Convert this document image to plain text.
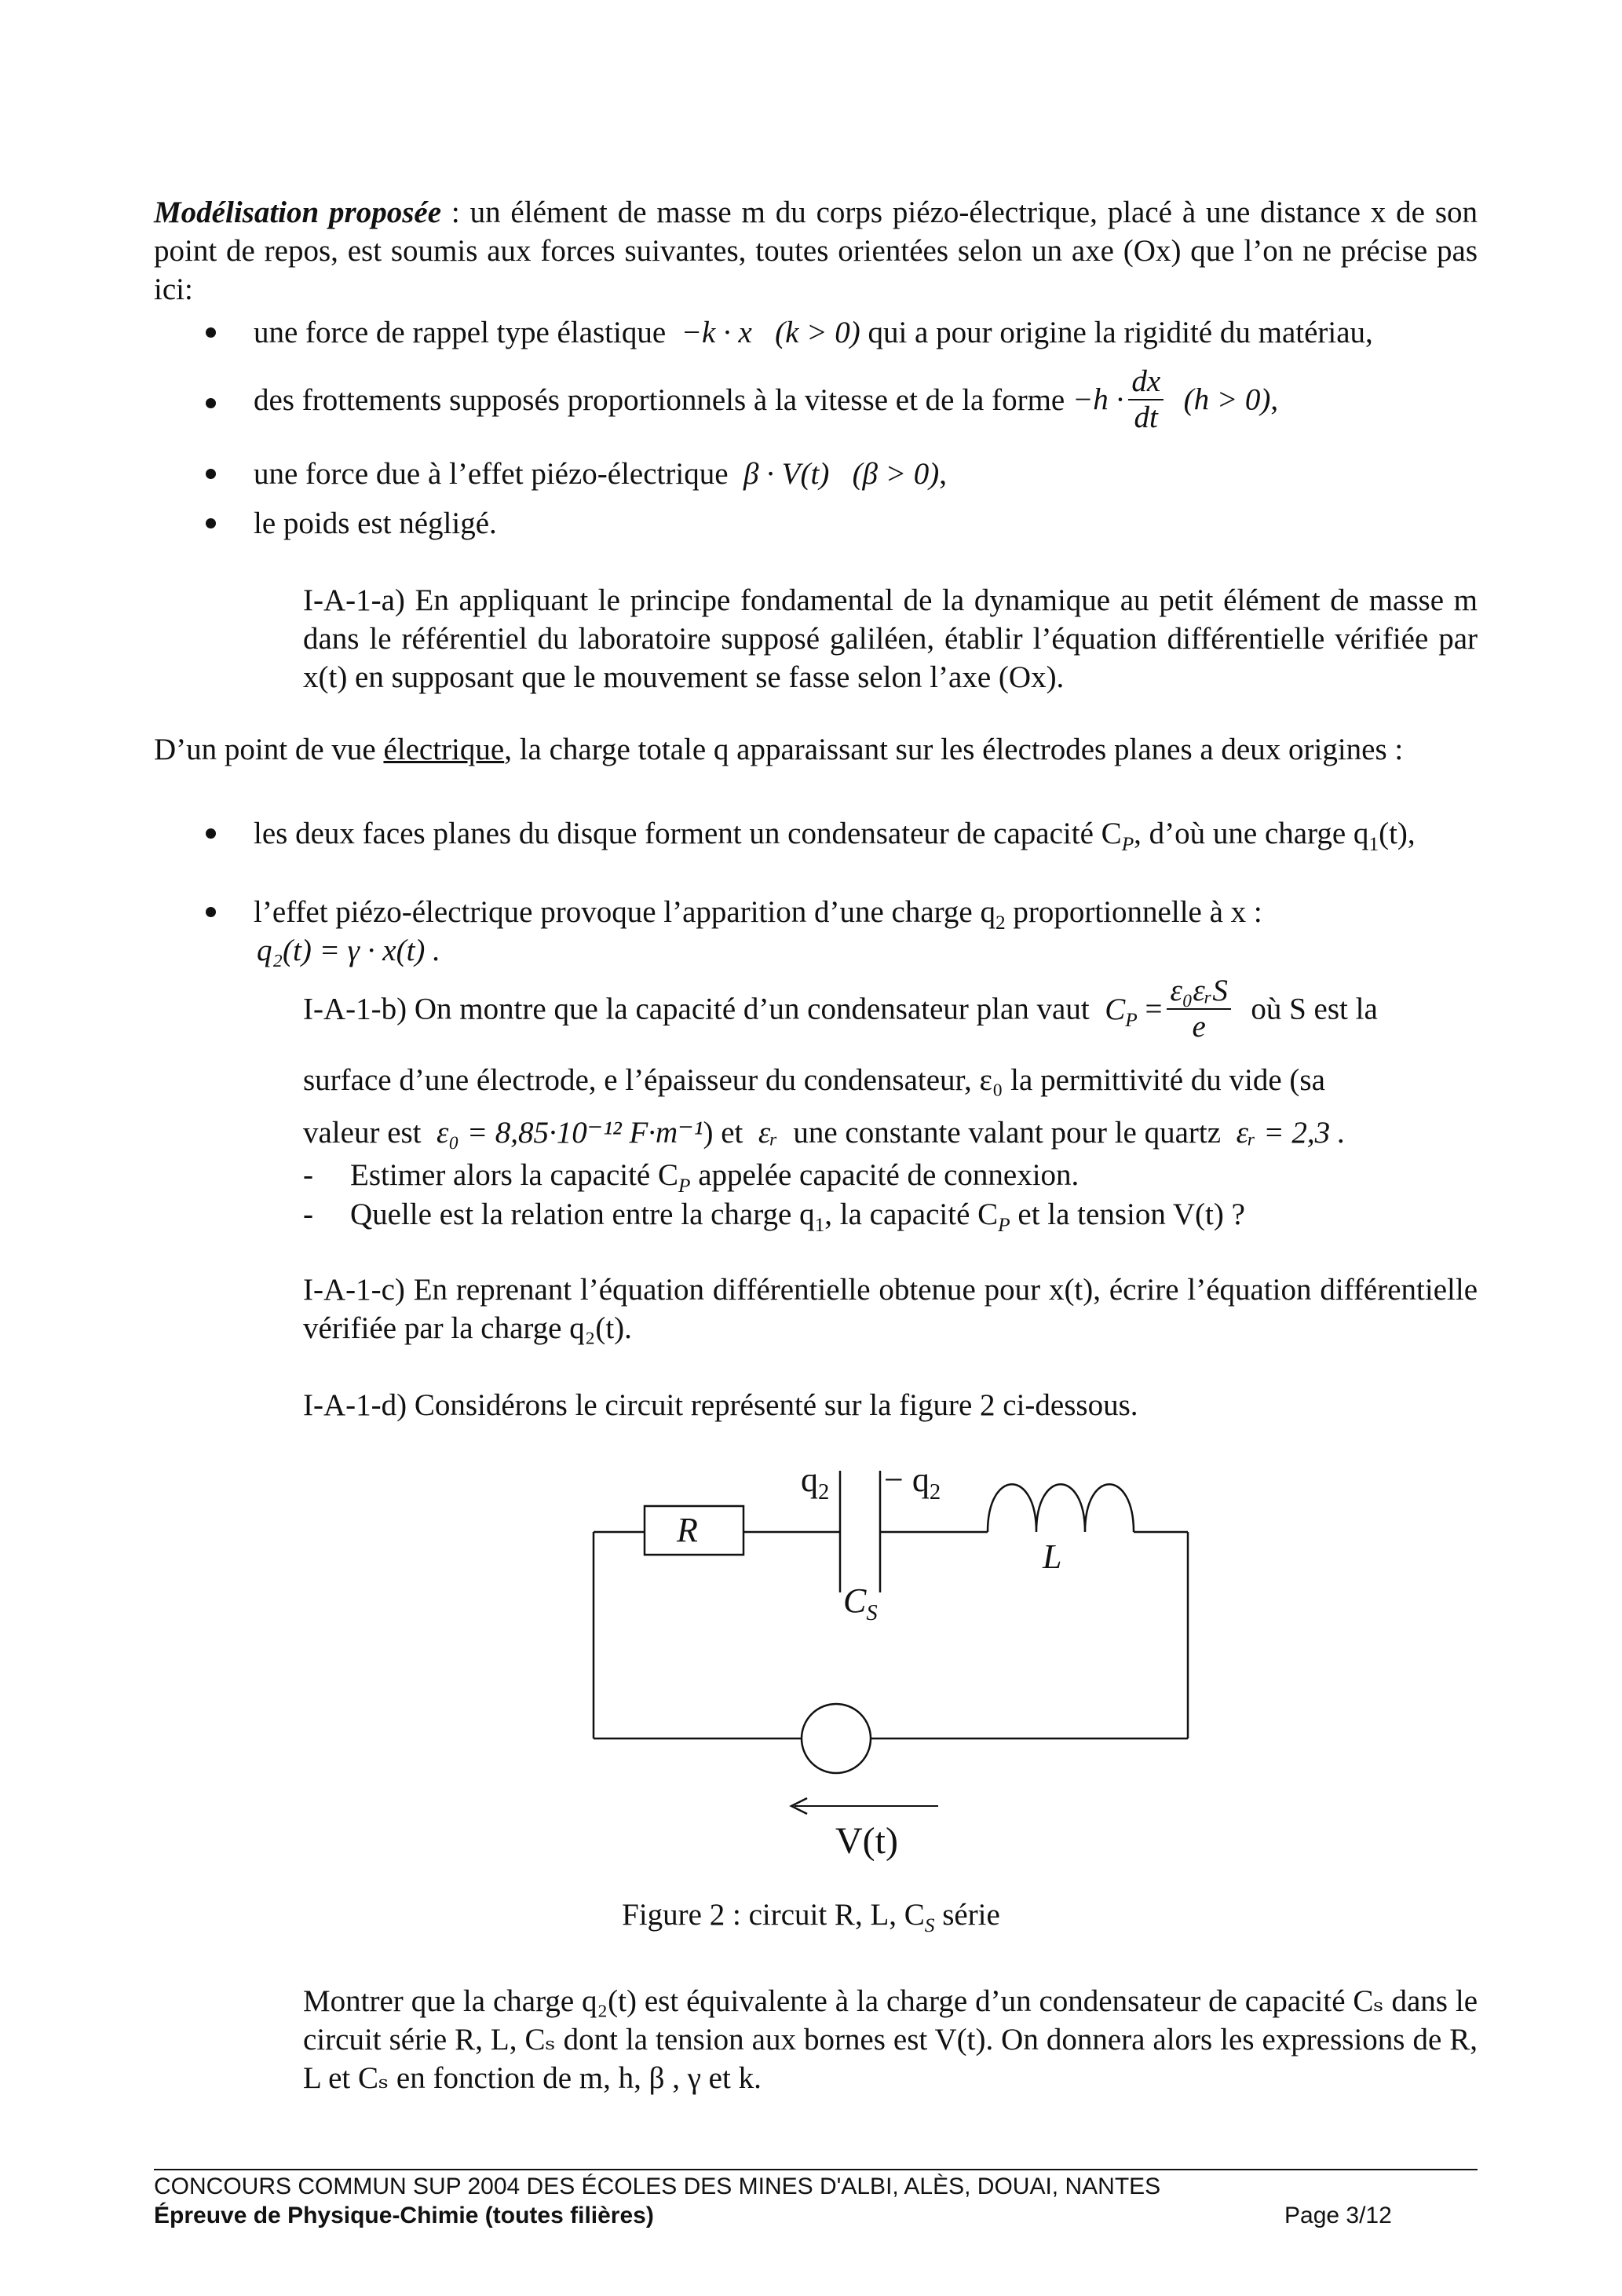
Modélisation proposée : un élément de masse m du corps piézo-électrique, placé à une distance x de son point de repos, est soumis aux forces suivantes, toutes orientées selon un axe (Ox) que l’on ne précise pas ici:

une force de rappel type élastique −k · x (k > 0) qui a pour origine la rigidité du matériau,
des frottements supposés proportionnels à la vitesse et de la forme $-h \cdot \frac{dx}{dt} (h > 0)$,
une force due à l’effet piézo-électrique β · V(t) (β > 0),
le poids est négligé.

I-A-1-a) En appliquant le principe fondamental de la dynamique au petit élément de masse m dans le référentiel du laboratoire supposé galiléen, établir l’équation différentielle vérifiée par x(t) en supposant que le mouvement se fasse selon l’axe (Ox).

D’un point de vue électrique, la charge totale q apparaissant sur les électrodes planes a deux origines :

les deux faces planes du disque forment un condensateur de capacité $C_P$, d’où une charge $q_1(t)$,

l’effet piézo-électrique provoque l’apparition d’une charge $q_2$ proportionnelle à x :

q₂(t) = γ · x(t) .
I-A-1-b) On montre que la capacité d’un condensateur plan vaut $C_P = \frac{\text{ε₀εᵣS}}{e}$ où S est la

surface d’une électrode, e l’épaisseur du condensateur, ε₀ la permittivité du vide (sa

valeur est ε₀ = 8,85·10⁻¹² F·m⁻¹) et εᵣ une constante valant pour le quartz εᵣ = 2,3 .
- Estimer alors la capacité $C_P$ appelée capacité de connexion.
- Quelle est la relation entre la charge $q_1$, la capacité $C_P$ et la tension V(t) ?

I-A-1-c) En reprenant l’équation différentielle obtenue pour x(t), écrire l’équation différentielle vérifiée par la charge q₂(t).

I-A-1-d) Considérons le circuit représenté sur la figure 2 ci-dessous.

$q_2 - q_2$
R
L
$C_S$
V(t)
Figure 2 : circuit R, L, $C_S$ série

Montrer que la charge q₂(t) est équivalente à la charge d’un condensateur de capacité Cₛ dans le circuit série R, L, Cₛ dont la tension aux bornes est V(t). On donnera alors les expressions de R, L et Cₛ en fonction de m, h, β , γ et k.

CONCOURS COMMUN SUP 2004 DES ÉCOLES DES MINES D'ALBI, ALÈS, DOUAI, NANTES
Épreuve de Physique-Chimie (toutes filières)	Page 3/12
